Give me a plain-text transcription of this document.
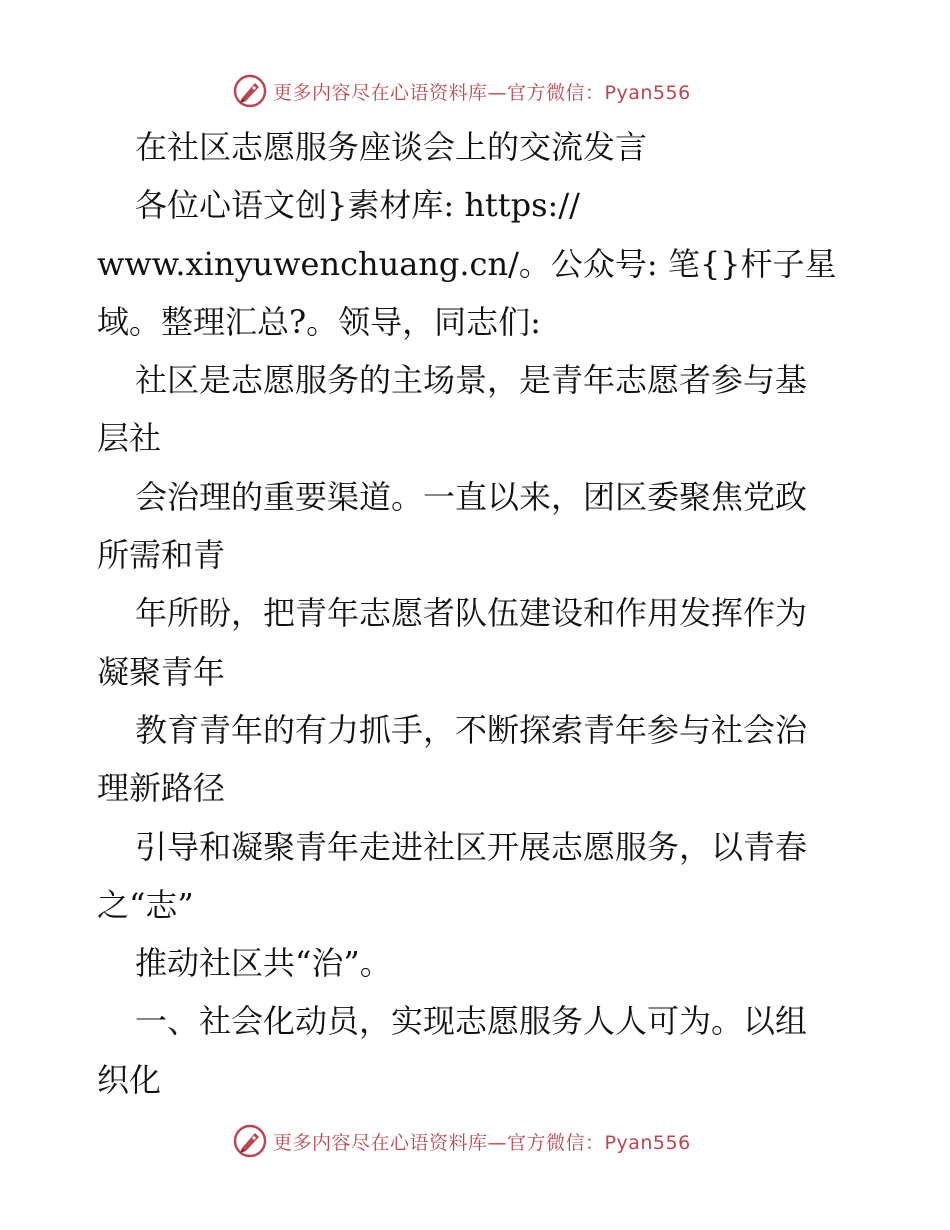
更多内容尽在心语资料库—官方微信：Pyan556
在社区志愿服务座谈会上的交流发言
各位心语文创}素材库: https://
www.xinyuwenchuang.cn/。公众号: 笔{}杆子星
域。整理汇总?。领导，同志们:
社区是志愿服务的主场景，是青年志愿者参与基
层社
会治理的重要渠道。一直以来，团区委聚焦党政
所需和青
年所盼，把青年志愿者队伍建设和作用发挥作为
凝聚青年
教育青年的有力抓手，不断探索青年参与社会治
理新路径
引导和凝聚青年走进社区开展志愿服务，以青春
之“志”
推动社区共“治”。
一、社会化动员，实现志愿服务人人可为。以组
织化
更多内容尽在心语资料库—官方微信：Pyan556
